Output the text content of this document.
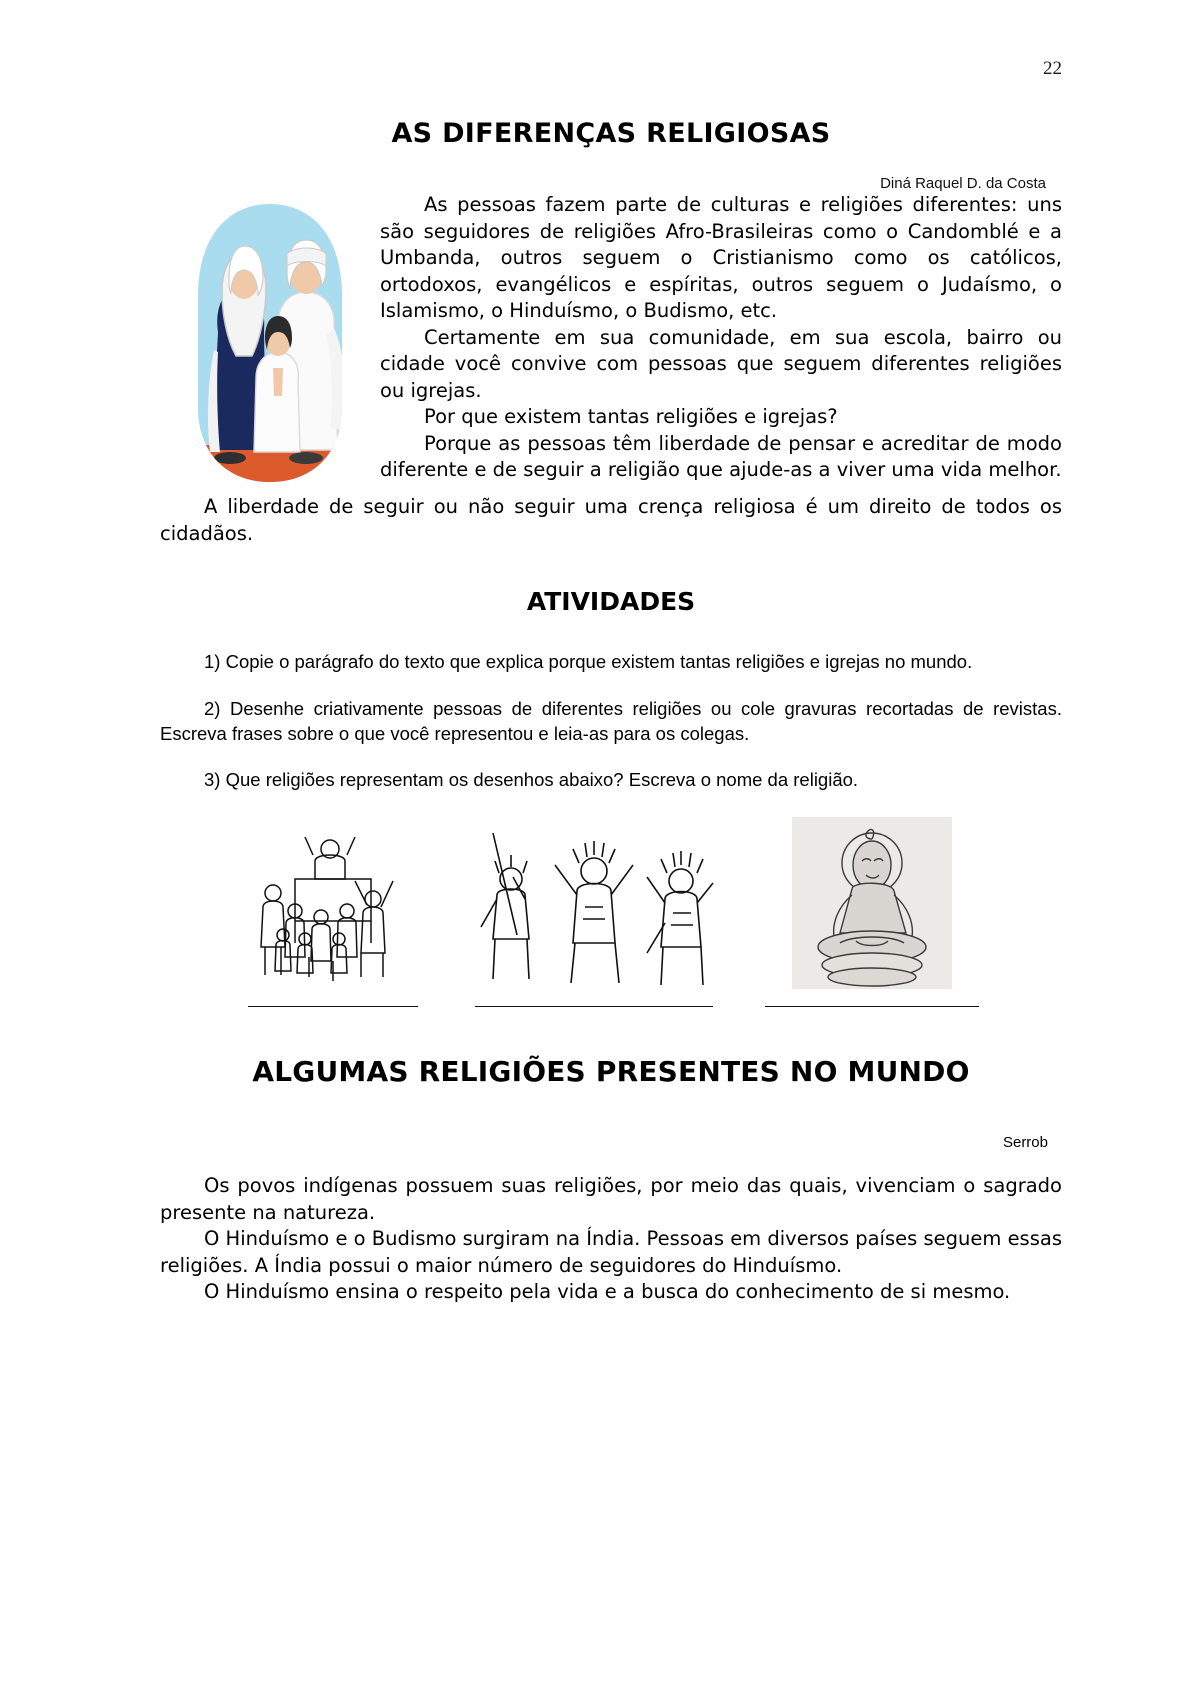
22
AS DIFERENÇAS RELIGIOSAS
Diná Raquel D. da Costa

As pessoas fazem parte de culturas e religiões diferentes: uns são seguidores de religiões Afro-Brasileiras como o Candomblé e a Umbanda, outros seguem o Cristianismo como os católicos, ortodoxos, evangélicos e espíritas, outros seguem o Judaísmo, o Islamismo, o Hinduísmo, o Budismo, etc.

Certamente em sua comunidade, em sua escola, bairro ou cidade você convive com pessoas que seguem diferentes religiões ou igrejas.

Por que existem tantas religiões e igrejas?

Porque as pessoas têm liberdade de pensar e acreditar de modo diferente e de seguir a religião que ajude-as a viver uma vida melhor.

A liberdade de seguir ou não seguir uma crença religiosa é um direito de todos os cidadãos.

ATIVIDADES

1) Copie o parágrafo do texto que explica porque existem tantas religiões e igrejas no mundo.

2) Desenhe criativamente pessoas de diferentes religiões ou cole gravuras recortadas de revistas. Escreva frases sobre o que você representou e leia-as para os colegas.

3) Que religiões representam os desenhos abaixo? Escreva o nome da religião.

ALGUMAS RELIGIÕES PRESENTES NO MUNDO
Serrob

Os povos indígenas possuem suas religiões, por meio das quais, vivenciam o sagrado presente na natureza.

O Hinduísmo e o Budismo surgiram na Índia. Pessoas em diversos países seguem essas religiões. A Índia possui o maior número de seguidores do Hinduísmo.

O Hinduísmo ensina o respeito pela vida e a busca do conhecimento de si mesmo.
